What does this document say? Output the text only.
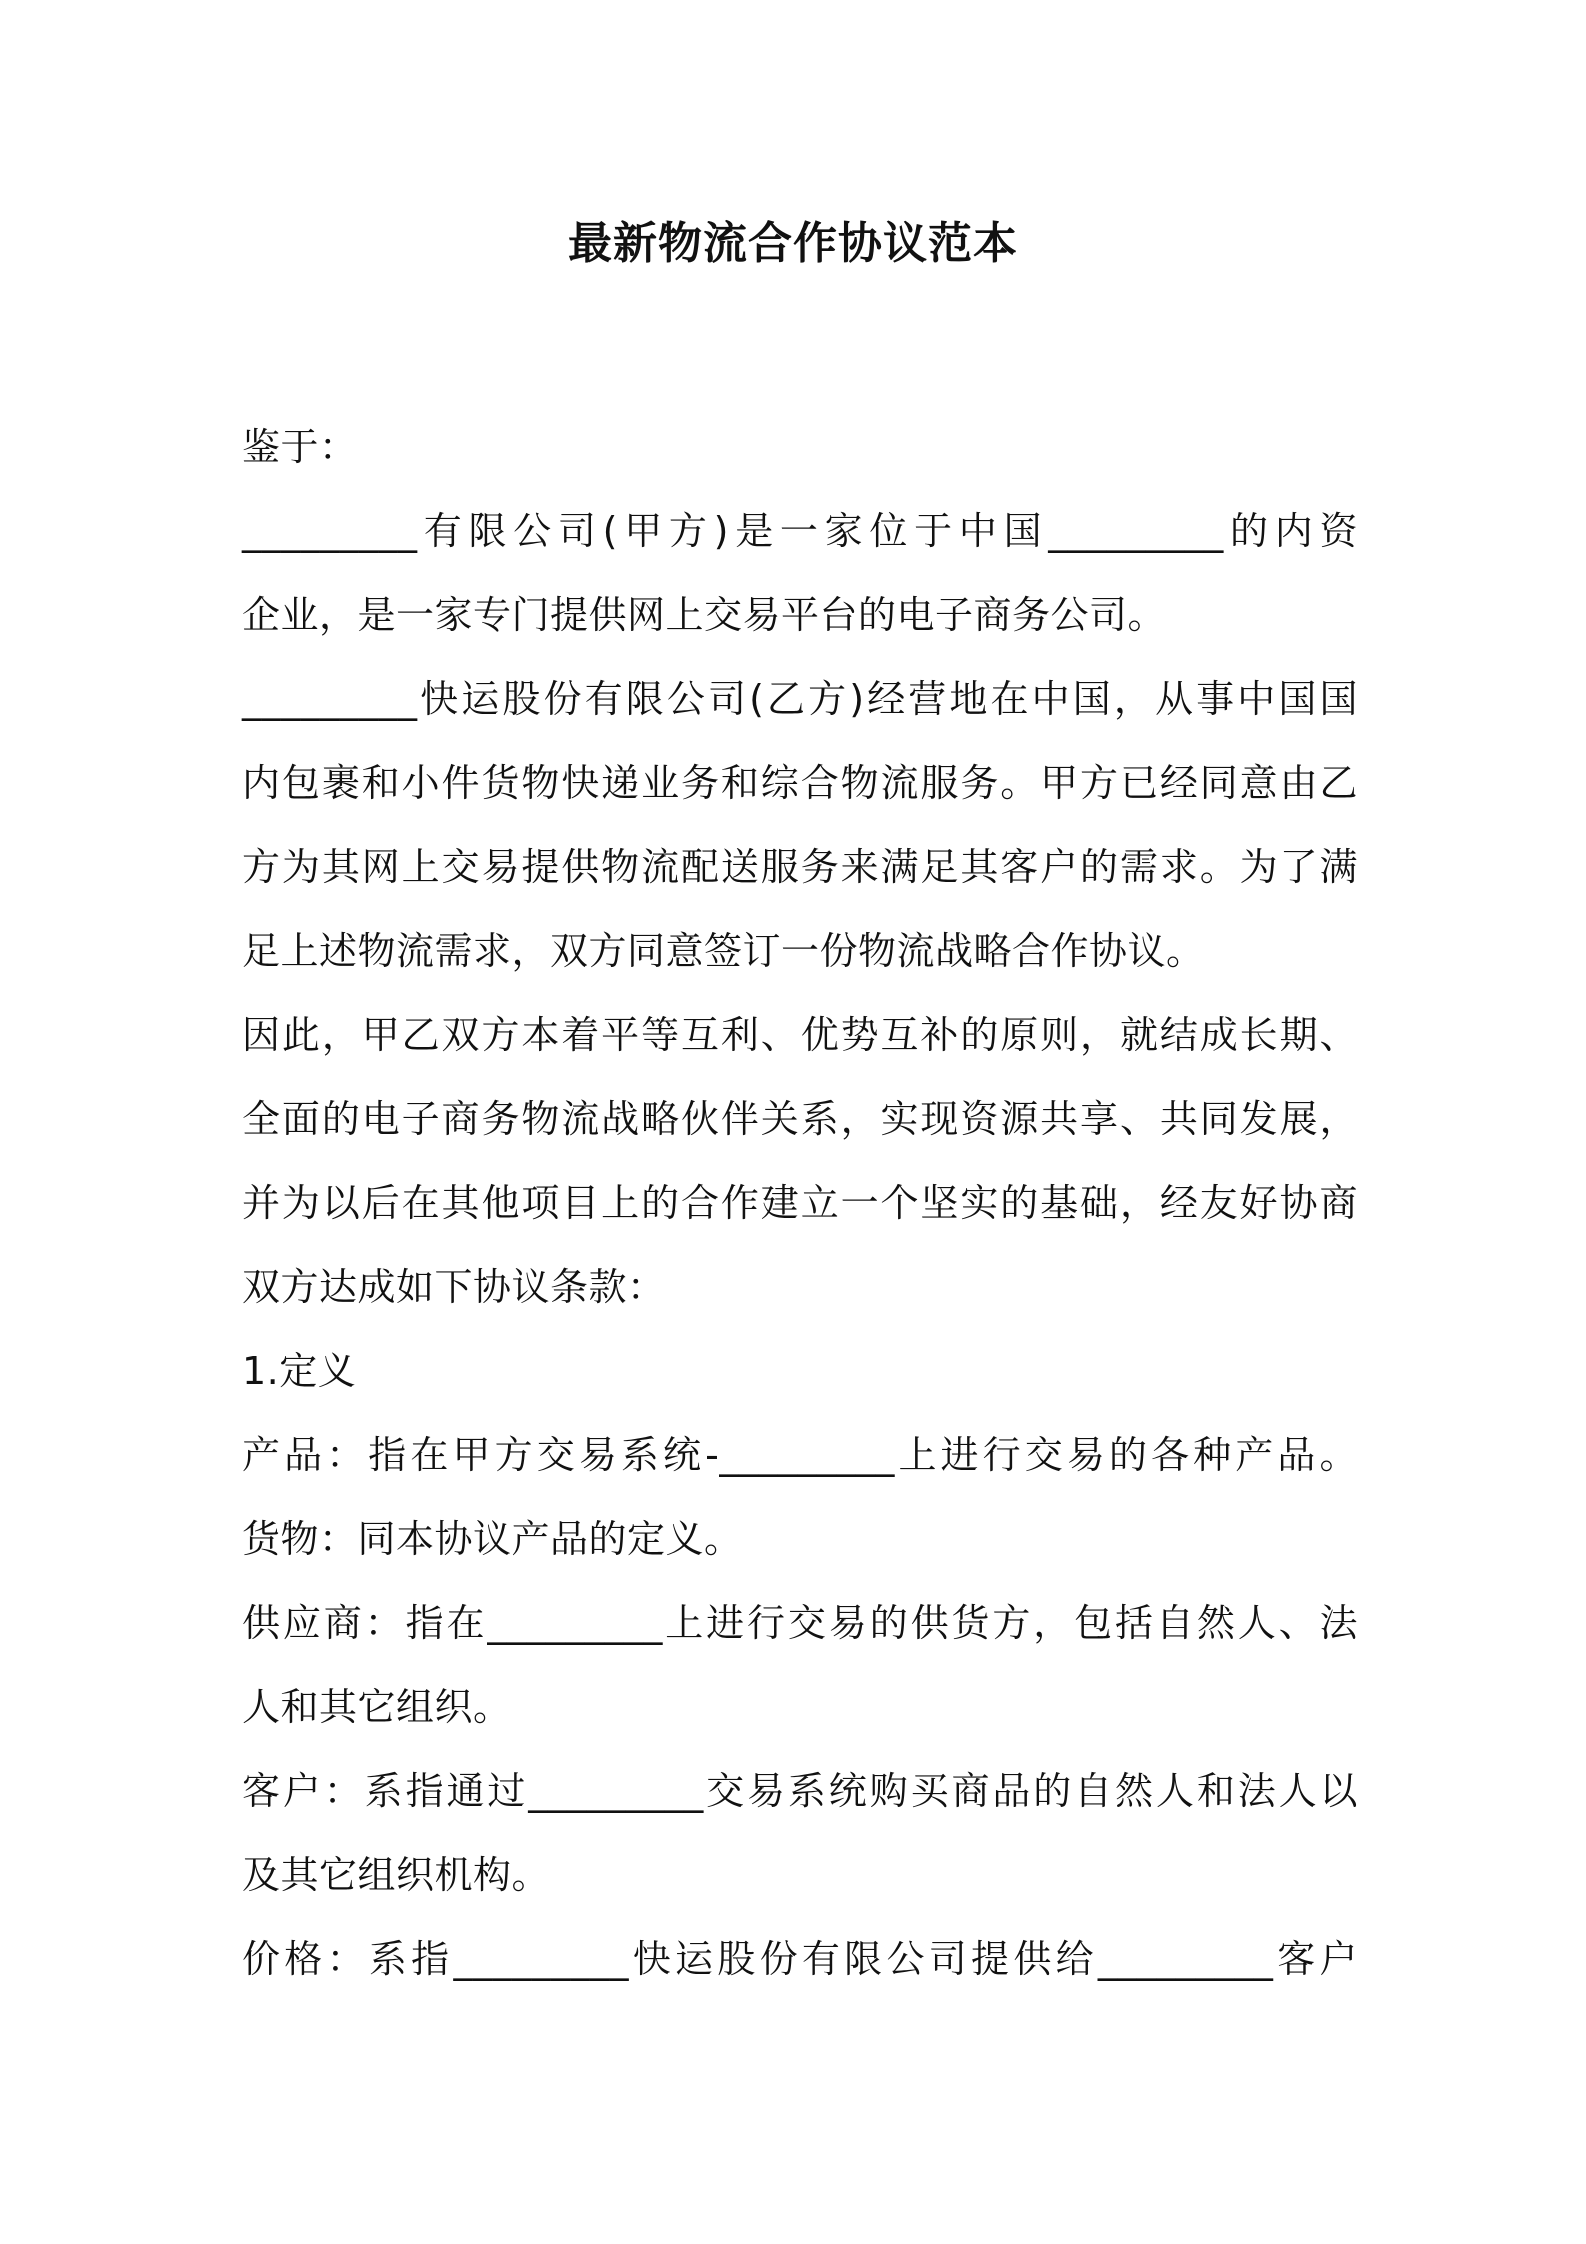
最新物流合作协议范本
鉴于：
_________有限公司(甲方)是一家位于中国_________的内资
企业，是一家专门提供网上交易平台的电子商务公司。
_________快运股份有限公司(乙方)经营地在中国，从事中国国
内包裹和小件货物快递业务和综合物流服务。甲方已经同意由乙
方为其网上交易提供物流配送服务来满足其客户的需求。为了满
足上述物流需求，双方同意签订一份物流战略合作协议。
因此，甲乙双方本着平等互利、优势互补的原则，就结成长期、
全面的电子商务物流战略伙伴关系，实现资源共享、共同发展，
并为以后在其他项目上的合作建立一个坚实的基础，经友好协商
双方达成如下协议条款：
1.定义
产品：指在甲方交易系统-_________上进行交易的各种产品。
货物：同本协议产品的定义。
供应商：指在_________上进行交易的供货方，包括自然人、法
人和其它组织。
客户：系指通过_________交易系统购买商品的自然人和法人以
及其它组织机构。
价格：系指_________快运股份有限公司提供给_________客户
